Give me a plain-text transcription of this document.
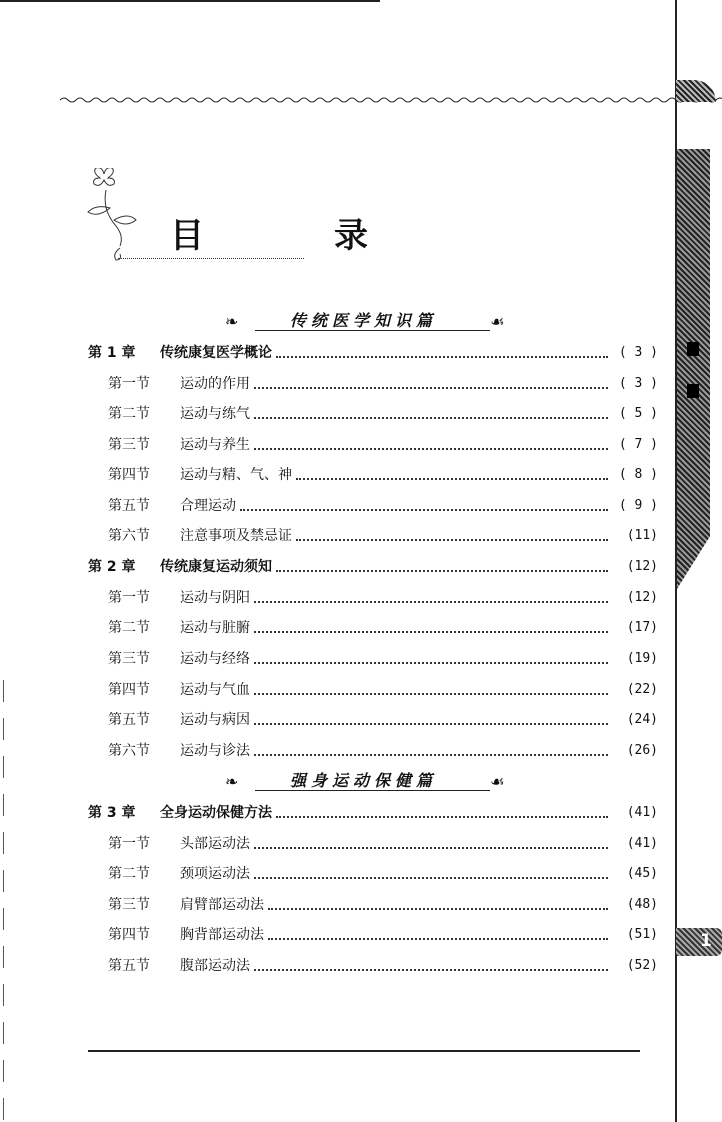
1
目　录
❧	传统医学知识篇	☙
❧	强身运动保健篇	☙
第 1 章	传统康复医学概论	( 3 )
第一节	运动的作用	( 3 )
第二节	运动与练气	( 5 )
第三节	运动与养生	( 7 )
第四节	运动与精、气、神	( 8 )
第五节	合理运动	( 9 )
第六节	注意事项及禁忌证	(11)
第 2 章	传统康复运动须知	(12)
第一节	运动与阴阳	(12)
第二节	运动与脏腑	(17)
第三节	运动与经络	(19)
第四节	运动与气血	(22)
第五节	运动与病因	(24)
第六节	运动与诊法	(26)
第 3 章	全身运动保健方法	(41)
第一节	头部运动法	(41)
第二节	颈项运动法	(45)
第三节	肩臂部运动法	(48)
第四节	胸背部运动法	(51)
第五节	腹部运动法	(52)
